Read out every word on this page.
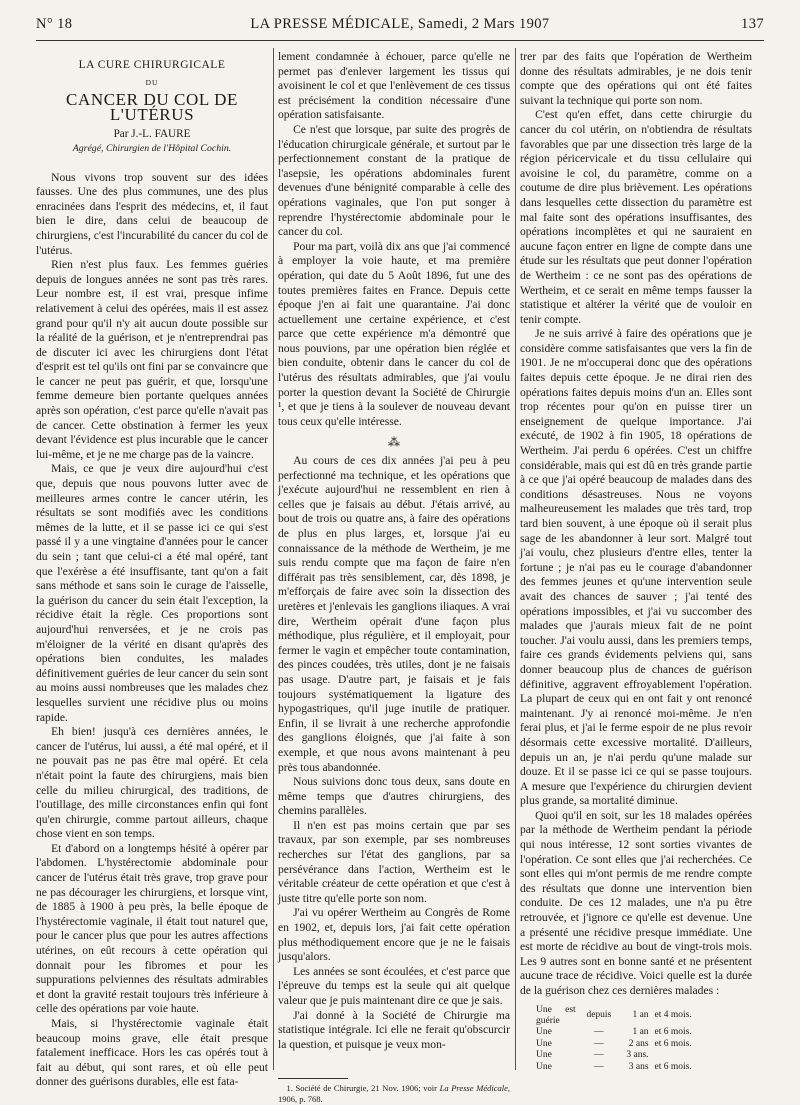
N° 18	LA PRESSE MÉDICALE, Samedi, 2 Mars 1907	137
LA CURE CHIRURGICALE
DU
CANCER DU COL DE L'UTÉRUS
Par J.-L. FAURE
Agrégé, Chirurgien de l'Hôpital Cochin.

Nous vivons trop souvent sur des idées fausses. Une des plus communes, une des plus enracinées dans l'esprit des médecins, et, il faut bien le dire, dans celui de beaucoup de chirurgiens, c'est l'incurabilité du cancer du col de l'utérus.

Rien n'est plus faux. Les femmes guéries depuis de longues années ne sont pas très rares. Leur nombre est, il est vrai, presque infime relativement à celui des opérées, mais il est assez grand pour qu'il n'y ait aucun doute possible sur la réalité de la guérison, et je n'entreprendrai pas de discuter ici avec les chirurgiens dont l'état d'esprit est tel qu'ils ont fini par se convaincre que le cancer ne peut pas guérir, et que, lorsqu'une femme demeure bien portante quelques années après son opération, c'est parce qu'elle n'avait pas de cancer. Cette obstination à fermer les yeux devant l'évidence est plus incurable que le cancer lui-même, et je ne me charge pas de la vaincre.

Mais, ce que je veux dire aujourd'hui c'est que, depuis que nous pouvons lutter avec de meilleures armes contre le cancer utérin, les résultats se sont modifiés avec les conditions mêmes de la lutte, et il se passe ici ce qui s'est passé il y a une vingtaine d'années pour le cancer du sein ; tant que celui-ci a été mal opéré, tant que l'exérèse a été insuffisante, tant qu'on a fait sans méthode et sans soin le curage de l'aisselle, la guérison du cancer du sein était l'exception, la récidive était la règle. Ces proportions sont aujourd'hui renversées, et je ne crois pas m'éloigner de la vérité en disant qu'après des opérations bien conduites, les malades définitivement guéries de leur cancer du sein sont au moins aussi nombreuses que les malades chez lesquelles survient une récidive plus ou moins rapide.

Eh bien! jusqu'à ces dernières années, le cancer de l'utérus, lui aussi, a été mal opéré, et il ne pouvait pas ne pas être mal opéré. Et cela n'était point la faute des chirurgiens, mais bien celle du milieu chirurgical, des traditions, de l'outillage, des mille circonstances enfin qui font qu'en chirurgie, comme partout ailleurs, chaque chose vient en son temps.

Et d'abord on a longtemps hésité à opérer par l'abdomen. L'hystérectomie abdominale pour cancer de l'utérus était très grave, trop grave pour ne pas décourager les chirurgiens, et lorsque vint, de 1885 à 1900 à peu près, la belle époque de l'hystérectomie vaginale, il était tout naturel que, pour le cancer plus que pour les autres affections utérines, on eût recours à cette opération qui donnait pour les fibromes et pour les suppurations pelviennes des résultats admirables et dont la gravité restait toujours très inférieure à celle des opérations par voie haute.

Mais, si l'hystérectomie vaginale était beaucoup moins grave, elle était presque fatalement inefficace. Hors les cas opérés tout à fait au début, qui sont rares, et où elle peut donner des guérisons durables, elle est fata-

lement condamnée à échouer, parce qu'elle ne permet pas d'enlever largement les tissus qui avoisinent le col et que l'enlèvement de ces tissus est précisément la condition nécessaire d'une opération satisfaisante.

Ce n'est que lorsque, par suite des progrès de l'éducation chirurgicale générale, et surtout par le perfectionnement constant de la pratique de l'asepsie, les opérations abdominales furent devenues d'une bénignité comparable à celle des opérations vaginales, que l'on put songer à reprendre l'hystérectomie abdominale pour le cancer du col.

Pour ma part, voilà dix ans que j'ai commencé à employer la voie haute, et ma première opération, qui date du 5 Août 1896, fut une des toutes premières faites en France. Depuis cette époque j'en ai fait une quarantaine. J'ai donc actuellement une certaine expérience, et c'est parce que cette expérience m'a démontré que nous pouvions, par une opération bien réglée et bien conduite, obtenir dans le cancer du col de l'utérus des résultats admirables, que j'ai voulu porter la question devant la Société de Chirurgie ¹, et que je tiens à la soulever de nouveau devant tous ceux qu'elle intéresse.

⁂

Au cours de ces dix années j'ai peu à peu perfectionné ma technique, et les opérations que j'exécute aujourd'hui ne ressemblent en rien à celles que je faisais au début. J'étais arrivé, au bout de trois ou quatre ans, à faire des opérations de plus en plus larges, et, lorsque j'ai eu connaissance de la méthode de Wertheim, je me suis rendu compte que ma façon de faire n'en différait pas très sensiblement, car, dès 1898, je m'efforçais de faire avec soin la dissection des uretères et j'enlevais les ganglions iliaques. A vrai dire, Wertheim opérait d'une façon plus méthodique, plus régulière, et il employait, pour fermer le vagin et empêcher toute contamination, des pinces coudées, très utiles, dont je ne faisais pas usage. D'autre part, je faisais et je fais toujours systématiquement la ligature des hypogastriques, qu'il juge inutile de pratiquer. Enfin, il se livrait à une recherche approfondie des ganglions éloignés, que j'ai faite à son exemple, et que nous avons maintenant à peu près tous abandonnée.

Nous suivions donc tous deux, sans doute en même temps que d'autres chirurgiens, des chemins parallèles.

Il n'en est pas moins certain que par ses travaux, par son exemple, par ses nombreuses recherches sur l'état des ganglions, par sa persévérance dans l'action, Wertheim est le véritable créateur de cette opération et que c'est à juste titre qu'elle porte son nom.

J'ai vu opérer Wertheim au Congrès de Rome en 1902, et, depuis lors, j'ai fait cette opération plus méthodiquement encore que je ne le faisais jusqu'alors.

Les années se sont écoulées, et c'est parce que l'épreuve du temps est la seule qui ait quelque valeur que je puis maintenant dire ce que je sais.

J'ai donné à la Société de Chirurgie ma statistique intégrale. Ici elle ne ferait qu'obscurcir la question, et puisque je veux mon-

1. Société de Chirurgie, 21 Nov. 1906; voir La Presse Médicale, 1906, p. 768.

trer par des faits que l'opération de Wertheim donne des résultats admirables, je ne dois tenir compte que des opérations qui ont été faites suivant la technique qui porte son nom.

C'est qu'en effet, dans cette chirurgie du cancer du col utérin, on n'obtiendra de résultats favorables que par une dissection très large de la région péricervicale et du tissu cellulaire qui avoisine le col, du paramètre, comme on a coutume de dire plus brièvement. Les opérations dans lesquelles cette dissection du paramètre est mal faite sont des opérations insuffisantes, des opérations incomplètes et qui ne sauraient en aucune façon entrer en ligne de compte dans une étude sur les résultats que peut donner l'opération de Wertheim : ce ne sont pas des opérations de Wertheim, et ce serait en même temps fausser la statistique et altérer la vérité que de vouloir en tenir compte.

Je ne suis arrivé à faire des opérations que je considère comme satisfaisantes que vers la fin de 1901. Je ne m'occuperai donc que des opérations faites depuis cette époque. Je ne dirai rien des opérations faites depuis moins d'un an. Elles sont trop récentes pour qu'on en puisse tirer un enseignement de quelque importance. J'ai exécuté, de 1902 à fin 1905, 18 opérations de Wertheim. J'ai perdu 6 opérées. C'est un chiffre considérable, mais qui est dû en très grande partie à ce que j'ai opéré beaucoup de malades dans des conditions désastreuses. Nous ne voyons malheureusement les malades que très tard, trop tard bien souvent, à une époque où il serait plus sage de les abandonner à leur sort. Malgré tout j'ai voulu, chez plusieurs d'entre elles, tenter la fortune ; je n'ai pas eu le courage d'abandonner des femmes jeunes et qu'une intervention seule avait des chances de sauver ; j'ai tenté des opérations impossibles, et j'ai vu succomber des malades que j'aurais mieux fait de ne point toucher. J'ai voulu aussi, dans les premiers temps, faire ces grands évidements pelviens qui, sans donner beaucoup plus de chances de guérison définitive, aggravent effroyablement l'opération. La plupart de ceux qui en ont fait y ont renoncé maintenant. J'y ai renoncé moi-même. Je n'en ferai plus, et j'ai le ferme espoir de ne plus revoir désormais cette excessive mortalité. D'ailleurs, depuis un an, je n'ai perdu qu'une malade sur douze. Et il se passe ici ce qui se passe toujours. A mesure que l'expérience du chirurgien devient plus grande, sa mortalité diminue.

Quoi qu'il en soit, sur les 18 malades opérées par la méthode de Wertheim pendant la période qui nous intéresse, 12 sont sorties vivantes de l'opération. Ce sont elles que j'ai recherchées. Ce sont elles qui m'ont permis de me rendre compte des résultats que donne une intervention bien conduite. De ces 12 malades, une n'a pu être retrouvée, et j'ignore ce qu'elle est devenue. Une a présenté une récidive presque immédiate. Une est morte de récidive au bout de vingt-trois mois. Les 9 autres sont en bonne santé et ne présentent aucune trace de récidive. Voici quelle est la durée de la guérison chez ces dernières malades :

Une est guérie	depuis	1 an	et 4 mois.
Une	—	1 an	et 6 mois.
Une	—	2 ans	et 6 mois.
Une	—	3 ans.	
Une	—	3 ans	et 6 mois.
